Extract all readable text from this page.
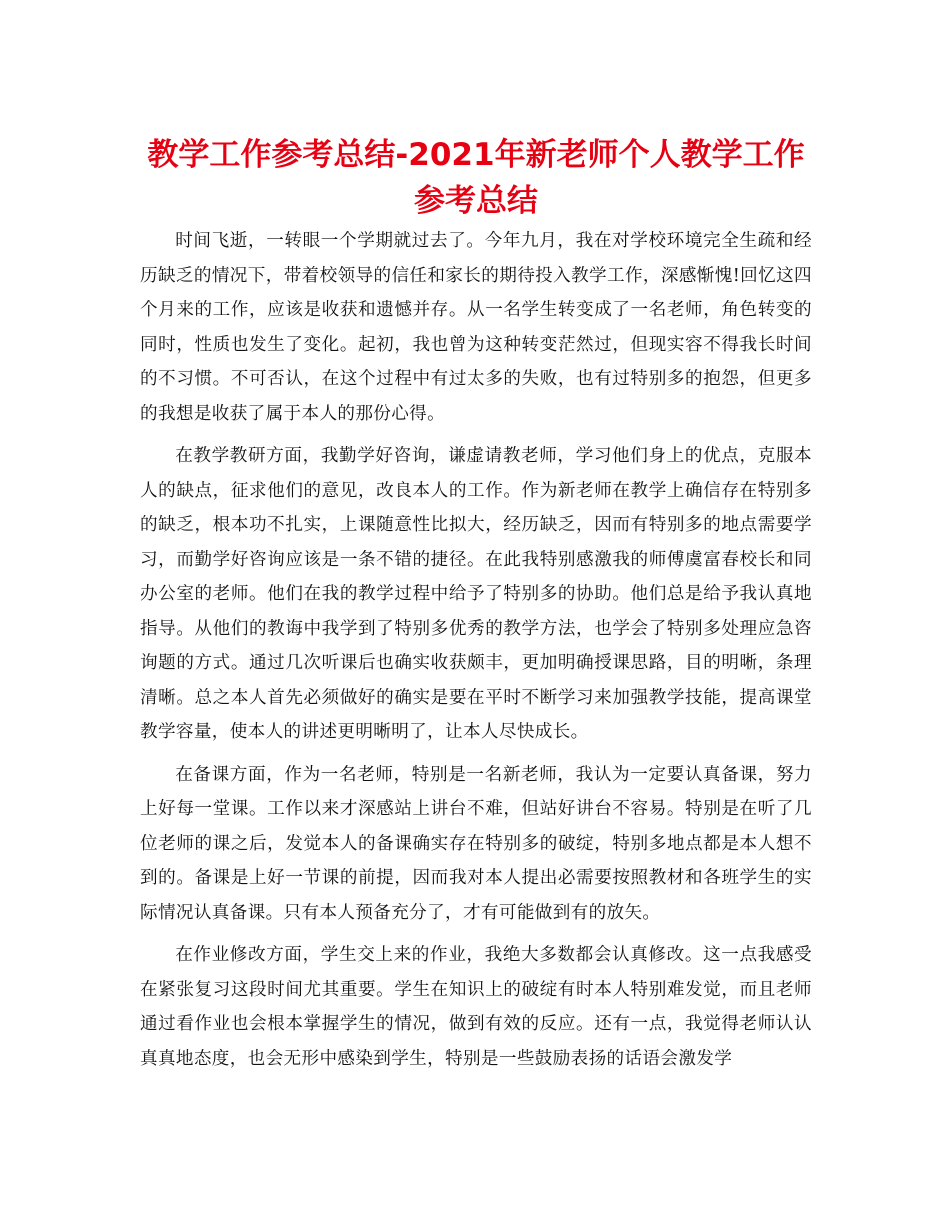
教学工作参考总结-2021年新老师个人教学工作

参考总结

时间飞逝，一转眼一个学期就过去了。今年九月，我在对学校环境完全生疏和经历缺乏的情况下，带着校领导的信任和家长的期待投入教学工作，深感惭愧!回忆这四个月来的工作，应该是收获和遗憾并存。从一名学生转变成了一名老师，角色转变的同时，性质也发生了变化。起初，我也曾为这种转变茫然过，但现实容不得我长时间的不习惯。不可否认，在这个过程中有过太多的失败，也有过特别多的抱怨，但更多的我想是收获了属于本人的那份心得。

在教学教研方面，我勤学好咨询，谦虚请教老师，学习他们身上的优点，克服本人的缺点，征求他们的意见，改良本人的工作。作为新老师在教学上确信存在特别多的缺乏，根本功不扎实，上课随意性比拟大，经历缺乏，因而有特别多的地点需要学习，而勤学好咨询应该是一条不错的捷径。在此我特别感激我的师傅虞富春校长和同办公室的老师。他们在我的教学过程中给予了特别多的协助。他们总是给予我认真地指导。从他们的教诲中我学到了特别多优秀的教学方法，也学会了特别多处理应急咨询题的方式。通过几次听课后也确实收获颇丰，更加明确授课思路，目的明晰，条理清晰。总之本人首先必须做好的确实是要在平时不断学习来加强教学技能，提高课堂教学容量，使本人的讲述更明晰明了，让本人尽快成长。

在备课方面，作为一名老师，特别是一名新老师，我认为一定要认真备课，努力上好每一堂课。工作以来才深感站上讲台不难，但站好讲台不容易。特别是在听了几位老师的课之后，发觉本人的备课确实存在特别多的破绽，特别多地点都是本人想不到的。备课是上好一节课的前提，因而我对本人提出必需要按照教材和各班学生的实际情况认真备课。只有本人预备充分了，才有可能做到有的放矢。

在作业修改方面，学生交上来的作业，我绝大多数都会认真修改。这一点我感受在紧张复习这段时间尤其重要。学生在知识上的破绽有时本人特别难发觉，而且老师通过看作业也会根本掌握学生的情况，做到有效的反应。还有一点，我觉得老师认认真真地态度，也会无形中感染到学生，特别是一些鼓励表扬的话语会激发学
